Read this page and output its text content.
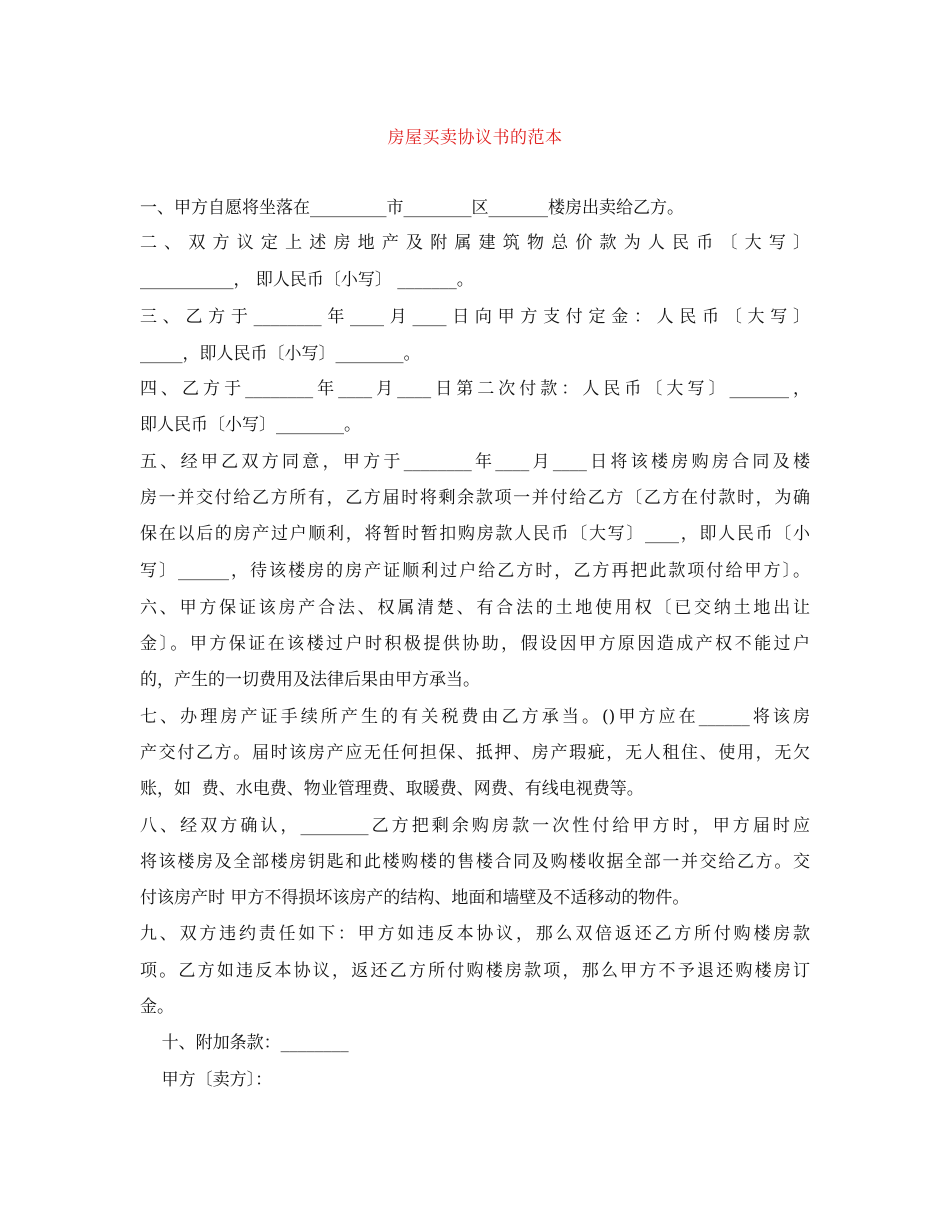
房屋买卖协议书的范本
一、甲方自愿将坐落在_________市________区_______楼房出卖给乙方。
二、双方议定上述房地产及附属建筑物总价款为人民币〔大写〕
___________， 即人民币〔小写〕 _______。
三、乙方于________年____月____日向甲方支付定金：人民币〔大写〕
_____，即人民币〔小写〕________。
四、乙方于________年____月____日第二次付款：人民币〔大写〕_______，
即人民币〔小写〕________。
五、经甲乙双方同意，甲方于________年____月____日将该楼房购房合同及楼
房一并交付给乙方所有，乙方届时将剩余款项一并付给乙方〔乙方在付款时，为确
保在以后的房产过户顺利，将暂时暂扣购房款人民币〔大写〕____，即人民币〔小
写〕______，待该楼房的房产证顺利过户给乙方时，乙方再把此款项付给甲方〕。
六、甲方保证该房产合法、权属清楚、有合法的土地使用权〔已交纳土地出让
金〕。甲方保证在该楼过户时积极提供协助，假设因甲方原因造成产权不能过户
的，产生的一切费用及法律后果由甲方承当。
七、办理房产证手续所产生的有关税费由乙方承当。()甲方应在______将该房
产交付乙方。届时该房产应无任何担保、抵押、房产瑕疵，无人租住、使用，无欠
账，如  费、水电费、物业管理费、取暖费、网费、有线电视费等。
八、经双方确认，________乙方把剩余购房款一次性付给甲方时，甲方届时应
将该楼房及全部楼房钥匙和此楼购楼的售楼合同及购楼收据全部一并交给乙方。交
付该房产时 甲方不得损坏该房产的结构、地面和墙壁及不适移动的物件。
九、双方违约责任如下：甲方如违反本协议，那么双倍返还乙方所付购楼房款
项。乙方如违反本协议，返还乙方所付购楼房款项，那么甲方不予退还购楼房订
金。
十、附加条款：________
甲方〔卖方〕：
